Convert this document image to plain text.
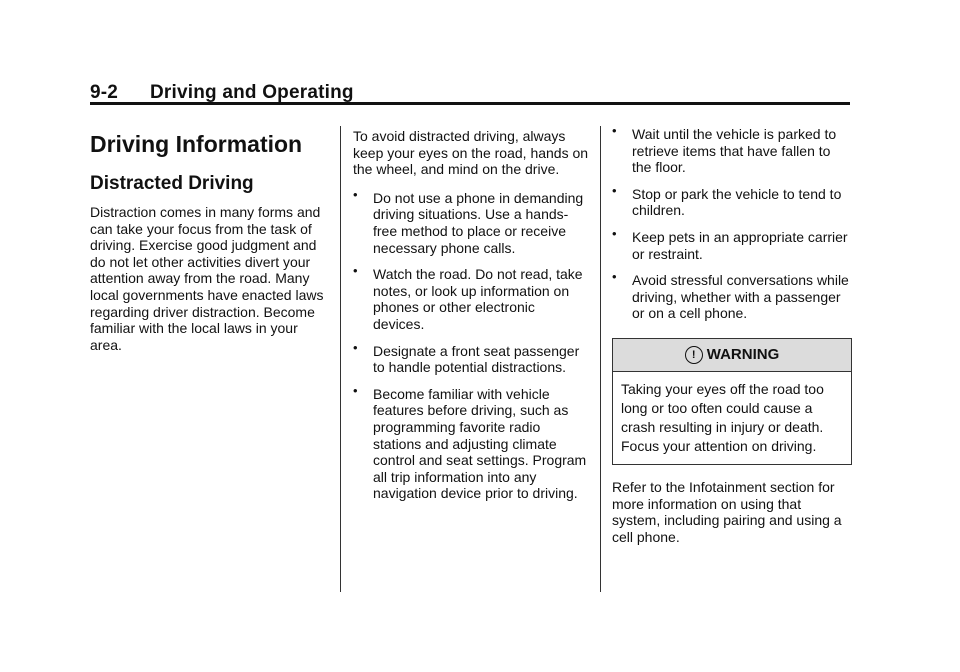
9-2 Driving and Operating
Driving Information
Distracted Driving

Distraction comes in many forms and can take your focus from the task of driving. Exercise good judgment and do not let other activities divert your attention away from the road. Many local governments have enacted laws regarding driver distraction. Become familiar with the local laws in your area.

To avoid distracted driving, always keep your eyes on the road, hands on the wheel, and mind on the drive.

• Do not use a phone in demanding driving situations. Use a hands-free method to place or receive necessary phone calls.
• Watch the road. Do not read, take notes, or look up information on phones or other electronic devices.
• Designate a front seat passenger to handle potential distractions.
• Become familiar with vehicle features before driving, such as programming favorite radio stations and adjusting climate control and seat settings. Program all trip information into any navigation device prior to driving.
• Wait until the vehicle is parked to retrieve items that have fallen to the floor.
• Stop or park the vehicle to tend to children.
• Keep pets in an appropriate carrier or restraint.
• Avoid stressful conversations while driving, whether with a passenger or on a cell phone.
! WARNING
Taking your eyes off the road too long or too often could cause a crash resulting in injury or death. Focus your attention on driving.

Refer to the Infotainment section for more information on using that system, including pairing and using a cell phone.
